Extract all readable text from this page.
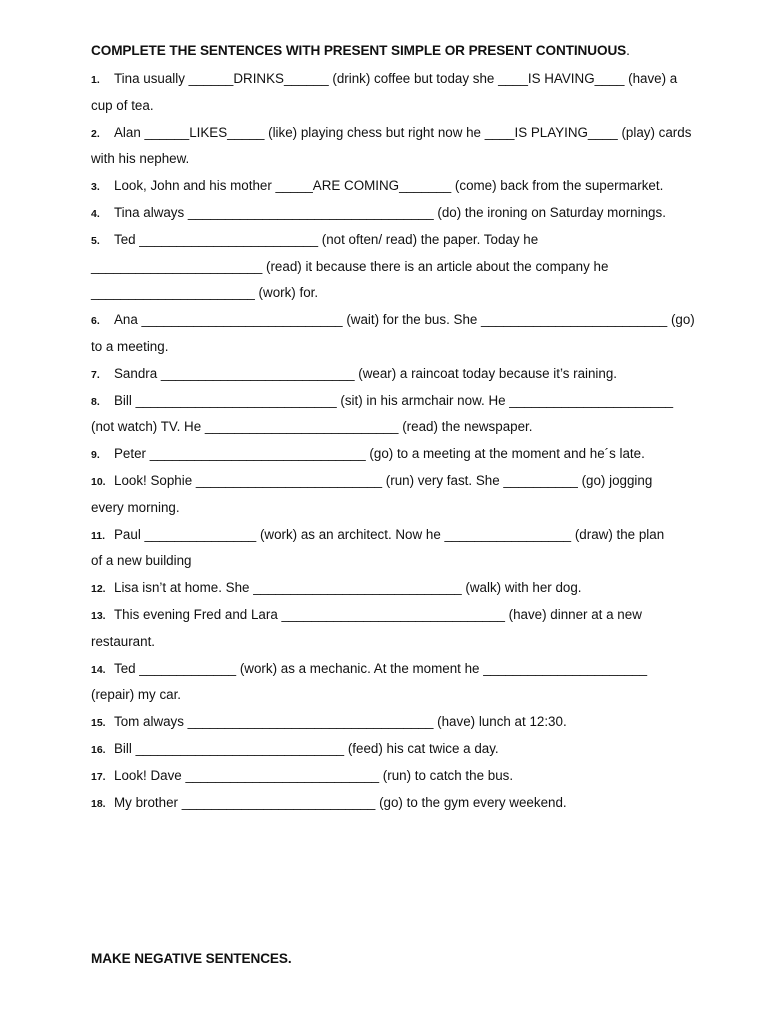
COMPLETE THE SENTENCES WITH PRESENT SIMPLE OR PRESENT CONTINUOUS.
1. Tina usually ______DRINKS______ (drink) coffee but today she ____IS HAVING____ (have) a
cup of tea.
2. Alan ______LIKES_____ (like) playing chess but right now he ____IS PLAYING____ (play) cards
with his nephew.
3. Look, John and his mother _____ARE COMING_______ (come) back from the supermarket.
4. Tina always _________________________________ (do) the ironing on Saturday mornings.
5. Ted ________________________ (not often/ read) the paper. Today he
_______________________ (read) it because there is an article about the company he
______________________ (work) for.
6. Ana ___________________________ (wait) for the bus. She _________________________ (go)
to a meeting.
7. Sandra __________________________ (wear) a raincoat today because it’s raining.
8. Bill ___________________________ (sit) in his armchair now. He ______________________
(not watch) TV. He __________________________ (read) the newspaper.
9. Peter _____________________________ (go) to a meeting at the moment and he´s late.
10. Look! Sophie _________________________ (run) very fast. She __________ (go) jogging
every morning.
11. Paul _______________ (work) as an architect. Now he _________________ (draw) the plan
of a new building
12. Lisa isn’t at home. She ____________________________ (walk) with her dog.
13. This evening Fred and Lara ______________________________ (have) dinner at a new
restaurant.
14. Ted _____________ (work) as a mechanic. At the moment he ______________________
(repair) my car.
15. Tom always _________________________________ (have) lunch at 12:30.
16. Bill ____________________________ (feed) his cat twice a day.
17. Look! Dave __________________________ (run) to catch the bus.
18. My brother __________________________ (go) to the gym every weekend.
MAKE NEGATIVE SENTENCES.
